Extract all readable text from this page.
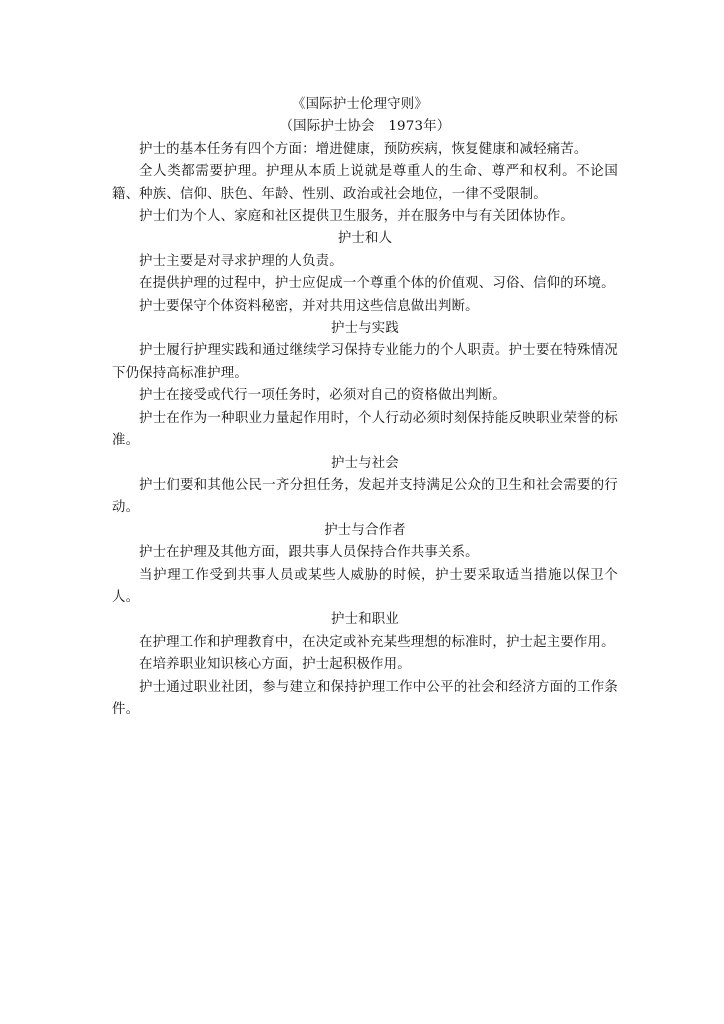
《国际护士伦理守则》

（国际护士协会　1973年）

护士的基本任务有四个方面：增进健康，预防疾病，恢复健康和减轻痛苦。

全人类都需要护理。护理从本质上说就是尊重人的生命、尊严和权利。不论国籍、种族、信仰、肤色、年龄、性别、政治或社会地位，一律不受限制。

护士们为个人、家庭和社区提供卫生服务，并在服务中与有关团体协作。

护士和人

护士主要是对寻求护理的人负责。

在提供护理的过程中，护士应促成一个尊重个体的价值观、习俗、信仰的环境。

护士要保守个体资料秘密，并对共用这些信息做出判断。

护士与实践

护士履行护理实践和通过继续学习保持专业能力的个人职责。护士要在特殊情况下仍保持高标准护理。

护士在接受或代行一项任务时，必须对自己的资格做出判断。

护士在作为一种职业力量起作用时，个人行动必须时刻保持能反映职业荣誉的标准。

护士与社会

护士们要和其他公民一齐分担任务，发起并支持满足公众的卫生和社会需要的行动。

护士与合作者

护士在护理及其他方面，跟共事人员保持合作共事关系。

当护理工作受到共事人员或某些人威胁的时候，护士要采取适当措施以保卫个人。

护士和职业

在护理工作和护理教育中，在决定或补充某些理想的标准时，护士起主要作用。

在培养职业知识核心方面，护士起积极作用。

护士通过职业社团，参与建立和保持护理工作中公平的社会和经济方面的工作条件。
